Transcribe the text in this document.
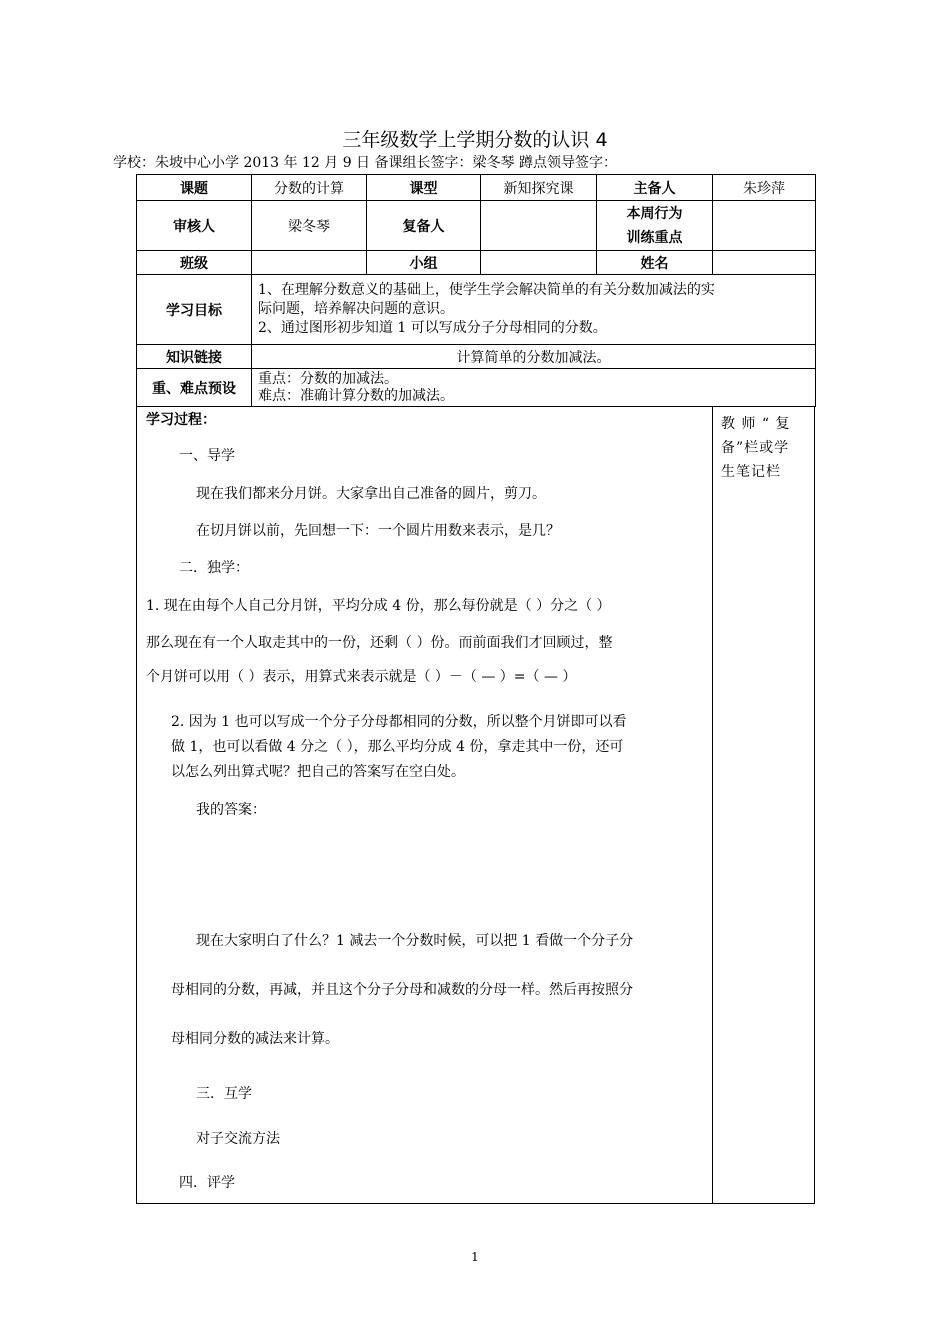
三年级数学上学期分数的认识 4
学校：朱坡中心小学 2013 年 12 月 9 日 备课组长签字：梁冬琴 蹲点领导签字：
课题	分数的计算	课型	新知探究课	主备人	朱珍萍
审核人	梁冬琴	复备人		本周行为
训练重点	

班级		小组		姓名	
学习目标	1、在理解分数意义的基础上，使学生学会解决简单的有关分数加减法的实
际问题，培养解决问题的意识。
2、通过图形初步知道 1 可以写成分子分母相同的分数。				

知识链接	计算简单的分数加减法。				
重、难点预设	重点：分数的加减法。
难点：准确计算分数的加减法。				
学习过程：	教 师 “ 复
备”栏或学
生笔记栏
一、导学
现在我们都来分月饼。大家拿出自己准备的圆片，剪刀。
在切月饼以前，先回想一下：一个圆片用数来表示，是几？
二．独学：
1. 现在由每个人自己分月饼，平均分成 4 份，那么每份就是（ ）分之（ ）
那么现在有一个人取走其中的一份，还剩（ ）份。而前面我们才回顾过，整
个月饼可以用（ ）表示，用算式来表示就是（ ）－（ — ）=（ — ）
2. 因为 1 也可以写成一个分子分母都相同的分数，所以整个月饼即可以看
做 1，也可以看做 4 分之（ ），那么平均分成 4 份，拿走其中一份，还可
以怎么列出算式呢？把自己的答案写在空白处。
我的答案：
现在大家明白了什么？1 减去一个分数时候，可以把 1 看做一个分子分
母相同的分数，再减，并且这个分子分母和减数的分母一样。然后再按照分
母相同分数的减法来计算。
三．互学
对子交流方法
四．评学
1
